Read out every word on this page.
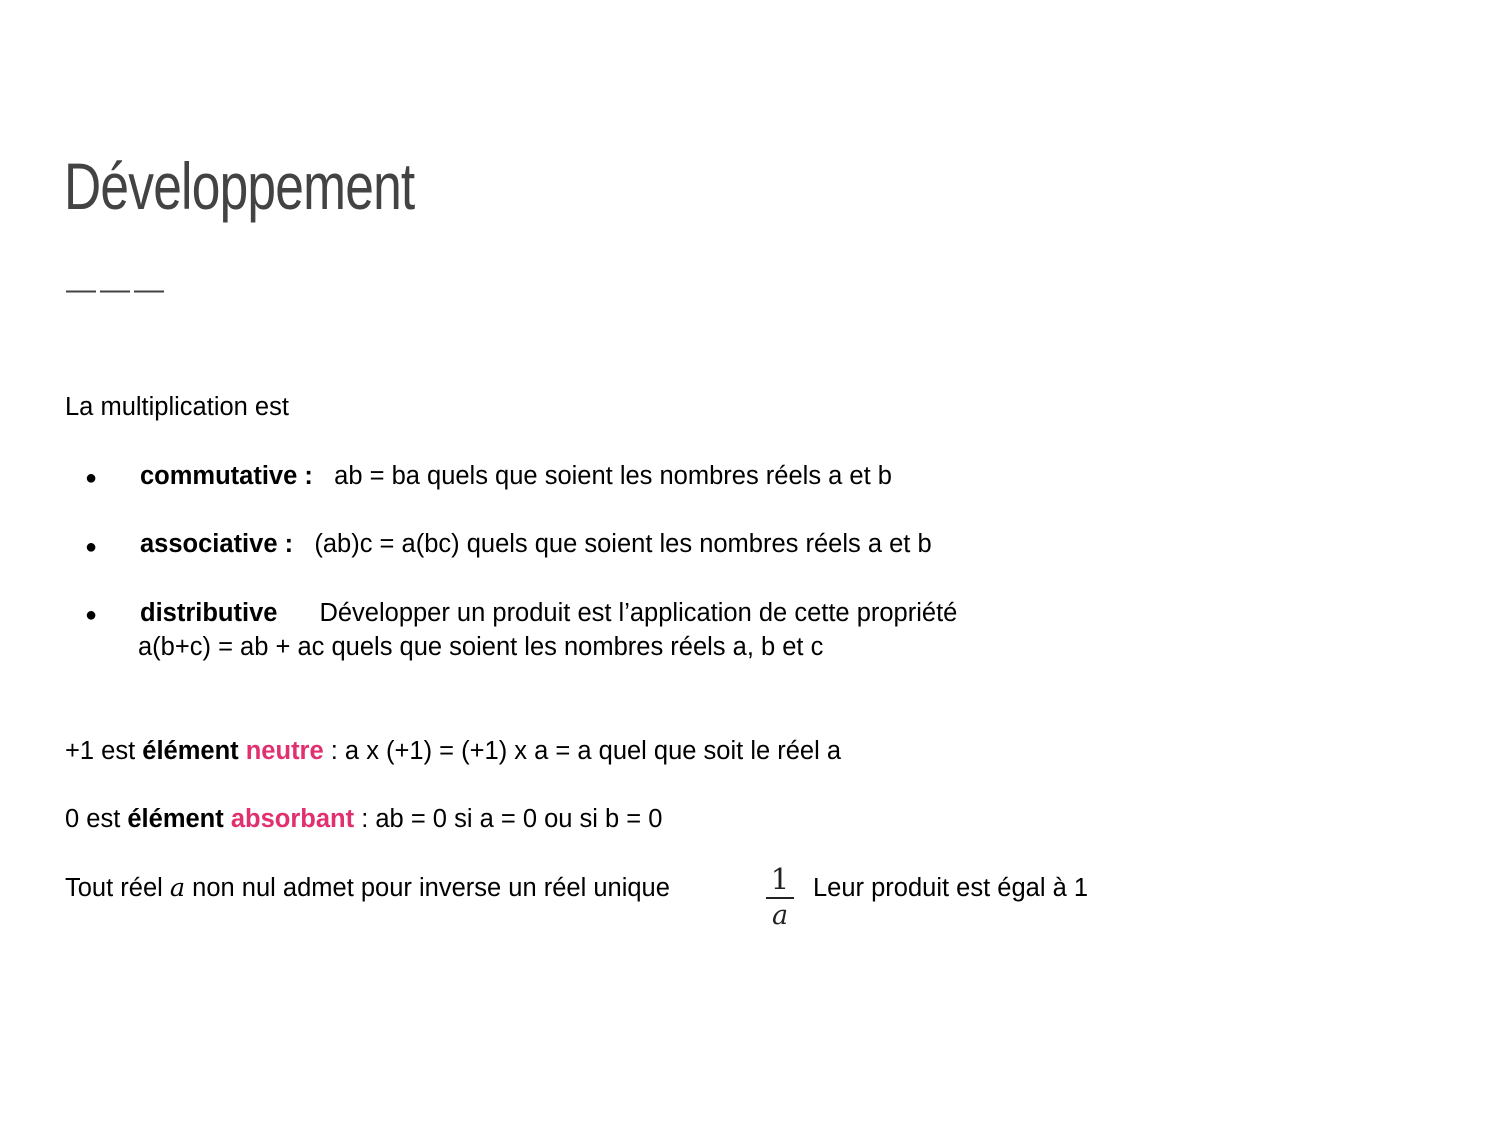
Développement
———
La multiplication est
● commutative : ab = ba quels que soient les nombres réels a et b
● associative : (ab)c = a(bc) quels que soient les nombres réels a et b
● distributive Développer un produit est l’application de cette propriété
a(b+c) = ab + ac quels que soient les nombres réels a, b et c
+1 est élément neutre : a x (+1) = (+1) x a = a quel que soit le réel a
0 est élément absorbant : ab = 0 si a = 0 ou si b = 0
Tout réel a non nul admet pour inverse un réel unique	1
a
Leur produit est égal à 1
